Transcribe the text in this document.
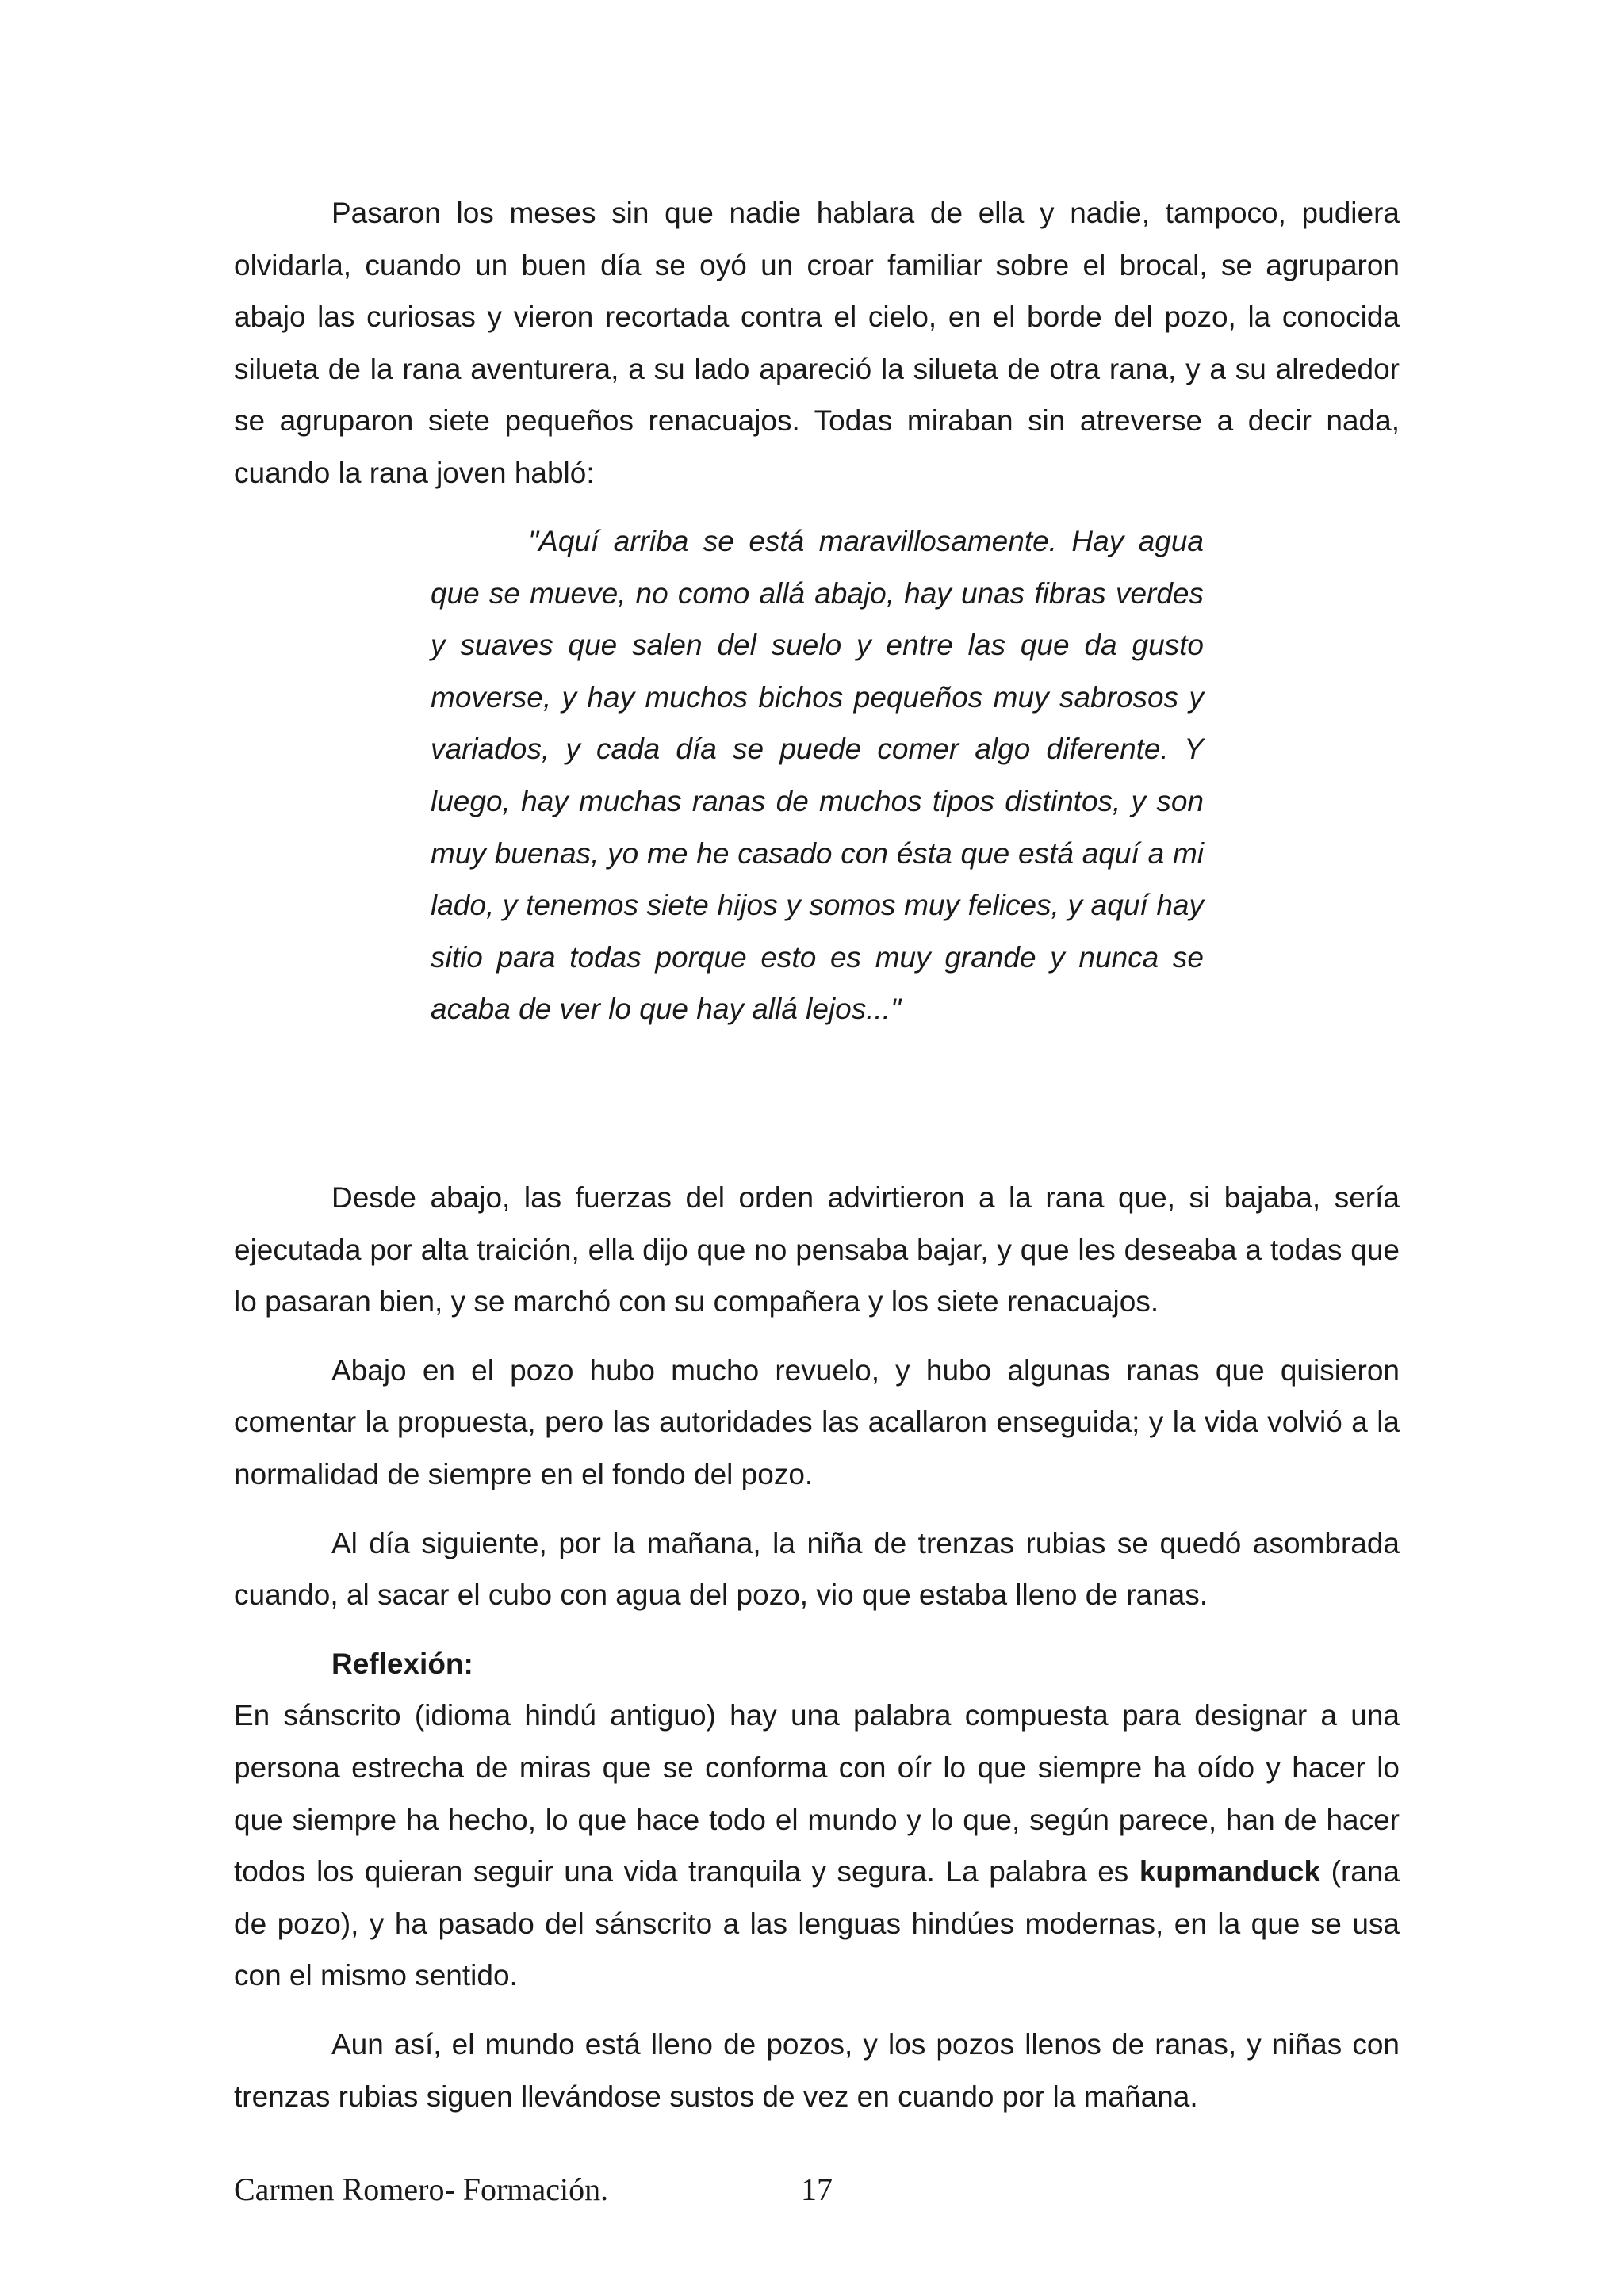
Pasaron los meses sin que nadie hablara de ella y nadie, tampoco, pudiera olvidarla, cuando un buen día se oyó un croar familiar sobre el brocal, se agruparon abajo las curiosas y vieron recortada contra el cielo, en el borde del pozo, la conocida silueta de la rana aventurera, a su lado apareció la silueta de otra rana, y a su alrededor se agruparon siete pequeños renacuajos. Todas miraban sin atreverse a decir nada, cuando la rana joven habló:

"Aquí arriba se está maravillosamente. Hay agua que se mueve, no como allá abajo, hay unas fibras verdes y suaves que salen del suelo y entre las que da gusto moverse, y hay muchos bichos pequeños muy sabrosos y variados, y cada día se puede comer algo diferente. Y luego, hay muchas ranas de muchos tipos distintos, y son muy buenas, yo me he casado con ésta que está aquí a mi lado, y tenemos siete hijos y somos muy felices, y aquí hay sitio para todas porque esto es muy grande y nunca se acaba de ver lo que hay allá lejos..."

Desde abajo, las fuerzas del orden advirtieron a la rana que, si bajaba, sería ejecutada por alta traición, ella dijo que no pensaba bajar, y que les deseaba a todas que lo pasaran bien, y se marchó con su compañera y los siete renacuajos.

Abajo en el pozo hubo mucho revuelo, y hubo algunas ranas que quisieron comentar la propuesta, pero las autoridades las acallaron enseguida; y la vida volvió a la normalidad de siempre en el fondo del pozo.

Al día siguiente, por la mañana, la niña de trenzas rubias se quedó asombrada cuando, al sacar el cubo con agua del pozo, vio que estaba lleno de ranas.

Reflexión:

En sánscrito (idioma hindú antiguo) hay una palabra compuesta para designar a una persona estrecha de miras que se conforma con oír lo que siempre ha oído y hacer lo que siempre ha hecho, lo que hace todo el mundo y lo que, según parece, han de hacer todos los quieran seguir una vida tranquila y segura. La palabra es kupmanduck (rana de pozo), y ha pasado del sánscrito a las lenguas hindúes modernas, en la que se usa con el mismo sentido.

Aun así, el mundo está lleno de pozos, y los pozos llenos de ranas, y niñas con trenzas rubias siguen llevándose sustos de vez en cuando por la mañana.

Carmen Romero- Formación.	17
